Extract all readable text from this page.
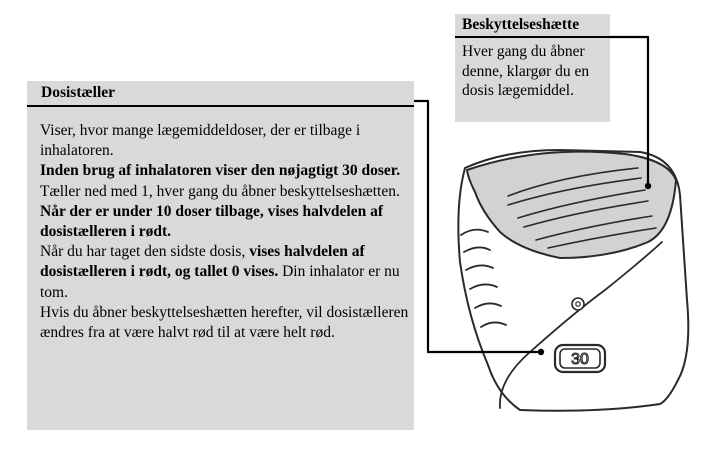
30
Dosistæller

Viser, hvor mange lægemiddeldoser, der er tilbage i inhalatoren.

Inden brug af inhalatoren viser den nøjagtigt 30 doser.

Tæller ned med 1, hver gang du åbner beskyttelseshætten.

Når der er under 10 doser tilbage, vises halvdelen af dosistælleren i rødt.

Når du har taget den sidste dosis, vises halvdelen af dosistælleren i rødt, og tallet 0 vises. Din inhalator er nu tom.

Hvis du åbner beskyttelseshætten herefter, vil dosistælleren ændres fra at være halvt rød til at være helt rød.

Beskyttelseshætte
Hver gang du åbner denne, klargør du en dosis lægemiddel.
